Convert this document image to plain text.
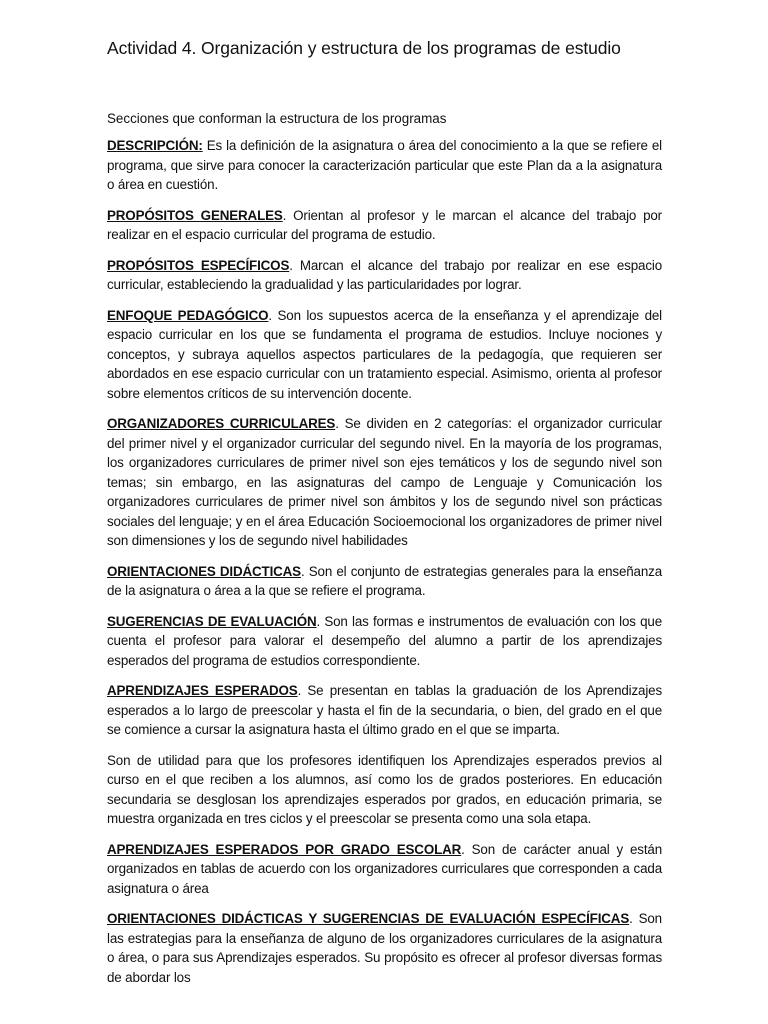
Actividad 4. Organización y estructura de los programas de estudio
Secciones que conforman la estructura de los programas

DESCRIPCIÓN: Es la definición de la asignatura o área del conocimiento a la que se refiere el programa, que sirve para conocer la caracterización particular que este Plan da a la asignatura o área en cuestión.

PROPÓSITOS GENERALES. Orientan al profesor y le marcan el alcance del trabajo por realizar en el espacio curricular del programa de estudio.

PROPÓSITOS ESPECÍFICOS. Marcan el alcance del trabajo por realizar en ese espacio curricular, estableciendo la gradualidad y las particularidades por lograr.

ENFOQUE PEDAGÓGICO. Son los supuestos acerca de la enseñanza y el aprendizaje del espacio curricular en los que se fundamenta el programa de estudios. Incluye nociones y conceptos, y subraya aquellos aspectos particulares de la pedagogía, que requieren ser abordados en ese espacio curricular con un tratamiento especial. Asimismo, orienta al profesor sobre elementos críticos de su intervención docente.

ORGANIZADORES CURRICULARES. Se dividen en 2 categorías: el organizador curricular del primer nivel y el organizador curricular del segundo nivel. En la mayoría de los programas, los organizadores curriculares de primer nivel son ejes temáticos y los de segundo nivel son temas; sin embargo, en las asignaturas del campo de Lenguaje y Comunicación los organizadores curriculares de primer nivel son ámbitos y los de segundo nivel son prácticas sociales del lenguaje; y en el área Educación Socioemocional los organizadores de primer nivel son dimensiones y los de segundo nivel habilidades

ORIENTACIONES DIDÁCTICAS. Son el conjunto de estrategias generales para la enseñanza de la asignatura o área a la que se refiere el programa.

SUGERENCIAS DE EVALUACIÓN. Son las formas e instrumentos de evaluación con los que cuenta el profesor para valorar el desempeño del alumno a partir de los aprendizajes esperados del programa de estudios correspondiente.

APRENDIZAJES ESPERADOS. Se presentan en tablas la graduación de los Aprendizajes esperados a lo largo de preescolar y hasta el fin de la secundaria, o bien, del grado en el que se comience a cursar la asignatura hasta el último grado en el que se imparta.

Son de utilidad para que los profesores identifiquen los Aprendizajes esperados previos al curso en el que reciben a los alumnos, así como los de grados posteriores. En educación secundaria se desglosan los aprendizajes esperados por grados, en educación primaria, se muestra organizada en tres ciclos y el preescolar se presenta como una sola etapa.

APRENDIZAJES ESPERADOS POR GRADO ESCOLAR. Son de carácter anual y están organizados en tablas de acuerdo con los organizadores curriculares que corresponden a cada asignatura o área

ORIENTACIONES DIDÁCTICAS Y SUGERENCIAS DE EVALUACIÓN ESPECÍFICAS. Son las estrategias para la enseñanza de alguno de los organizadores curriculares de la asignatura o área, o para sus Aprendizajes esperados. Su propósito es ofrecer al profesor diversas formas de abordar los
